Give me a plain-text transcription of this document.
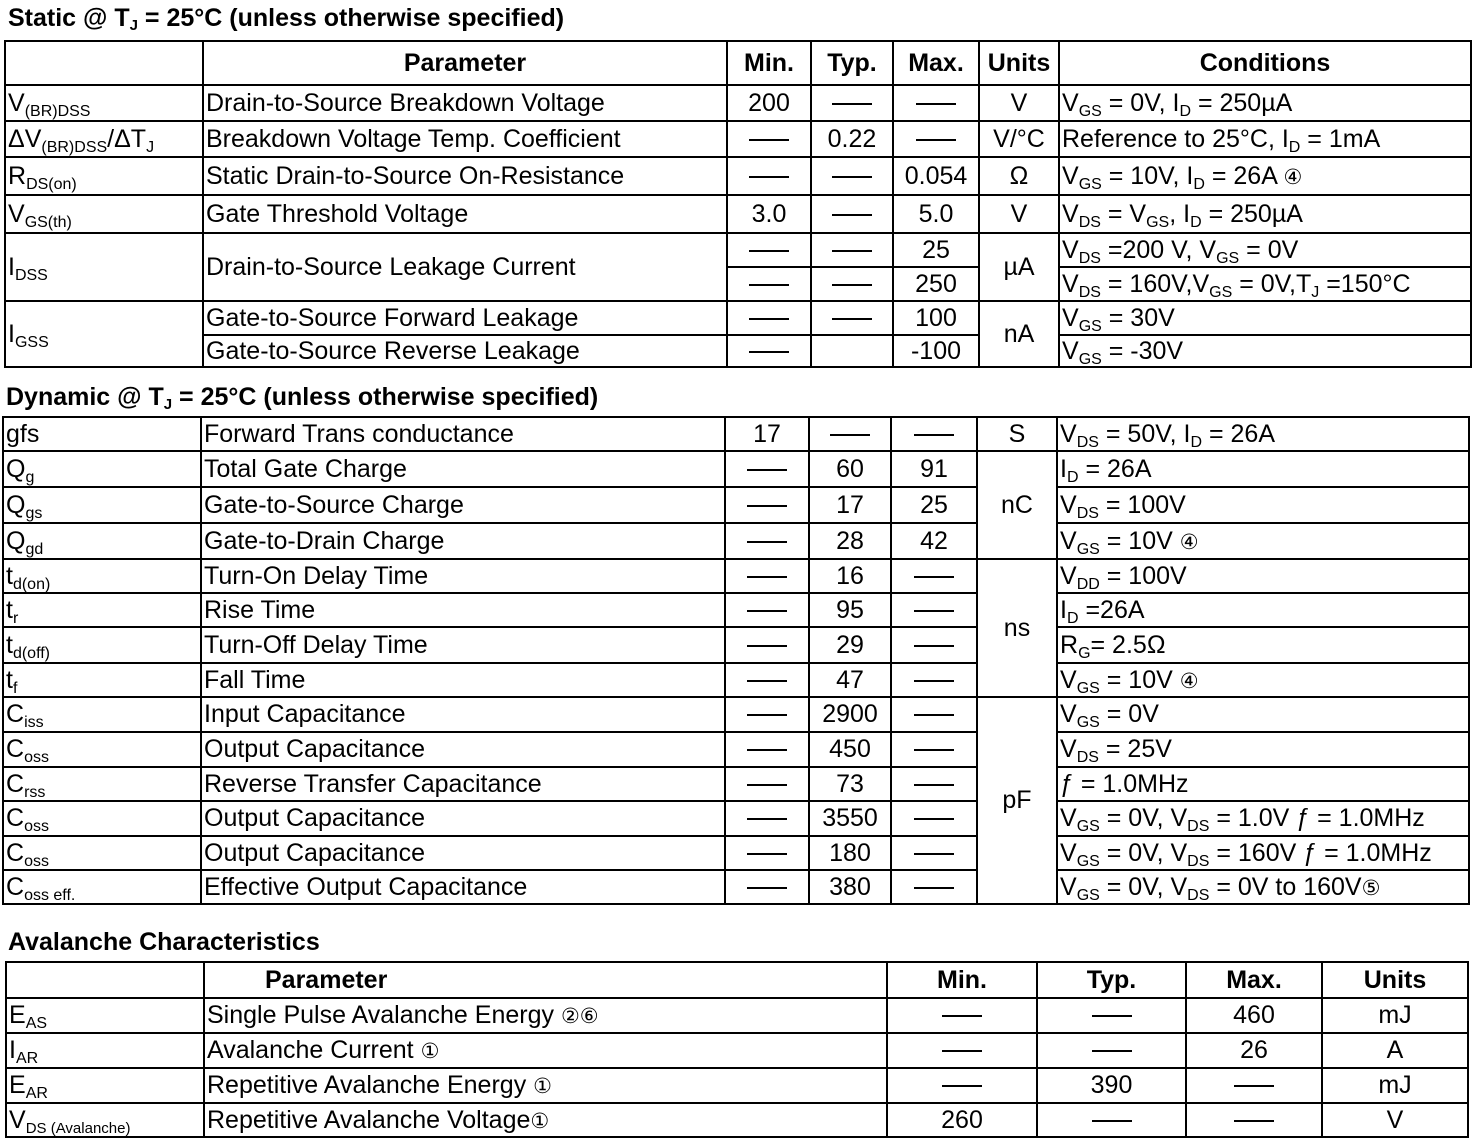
Static @ $T_J = 25^\circ C$ (unless otherwise specified)
	Parameter	Min.	Typ.	Max.	Units	Conditions
$V_{(BR)DSS}$	Drain-to-Source Breakdown Voltage	200			V	$V_{GS} = 0V$, $I_D = 250\mu A$
$\Delta V_{(BR)DSS}/\Delta T_J$	Breakdown Voltage Temp. Coefficient		0.22		V/°C	Reference to 25°C, $I_D = 1mA$
$R_{DS(on)}$	Static Drain-to-Source On-Resistance			0.054	Ω	$V_{GS} = 10V$, $I_D = 26A$ ④
$V_{GS(th)}$	Gate Threshold Voltage	3.0		5.0	V	$V_{DS} = V_{GS}$, $I_D = 250\mu A$
$I_{DSS}$	Drain-to-Source Leakage Current			25	µA	$V_{DS} =200$ V, $V_{GS} = 0V$
				250		$V_{DS} = 160V,V_{GS} = 0V,T_J =150^\circ C$
$I_{GSS}$	Gate-to-Source Forward Leakage			100	nA	$V_{GS} = 30V$
	Gate-to-Source Reverse Leakage			-100		$V_{GS} = -30V$
Dynamic @ $T_J = 25^\circ C$ (unless otherwise specified)
gfs	Forward Trans conductance	17			S	$V_{DS} = 50V$, $I_D = 26A$
$Q_g$	Total Gate Charge		60	91	nC	$I_D = 26A$
$Q_{gs}$	Gate-to-Source Charge		17	25		$V_{DS} = 100V$
$Q_{gd}$	Gate-to-Drain Charge		28	42		$V_{GS} = 10V$ ④
$t_{d(on)}$	Turn-On Delay Time		16		ns	$V_{DD} = 100V$
$t_r$	Rise Time		95			$I_D =26A$
$t_{d(off)}$	Turn-Off Delay Time		29			$R_G= 2.5\Omega$
$t_f$	Fall Time		47			$V_{GS} = 10V$ ④
$C_{iss}$	Input Capacitance		2900		pF	$V_{GS} = 0V$
$C_{oss}$	Output Capacitance		450			$V_{DS} = 25V$
$C_{rss}$	Reverse Transfer Capacitance		73			ƒ = 1.0MHz
$C_{oss}$	Output Capacitance		3550			$V_{GS} = 0V$, $V_{DS} = 1.0V$ ƒ = 1.0MHz
$C_{oss}$	Output Capacitance		180			$V_{GS} = 0V$, $V_{DS} = 160V$ ƒ = 1.0MHz
$C_{oss eff.}$	Effective Output Capacitance		380			$V_{GS} = 0V$, $V_{DS} = 0V$ to 160V⑤
Avalanche Characteristics
	Parameter	Min.	Typ.	Max.	Units
$E_{AS}$	Single Pulse Avalanche Energy ②⑥			460	mJ
$I_{AR}$	Avalanche Current ①			26	A
$E_{AR}$	Repetitive Avalanche Energy ①		390		mJ
$V_{DS (Avalanche)}$	Repetitive Avalanche Voltage①	260			V
